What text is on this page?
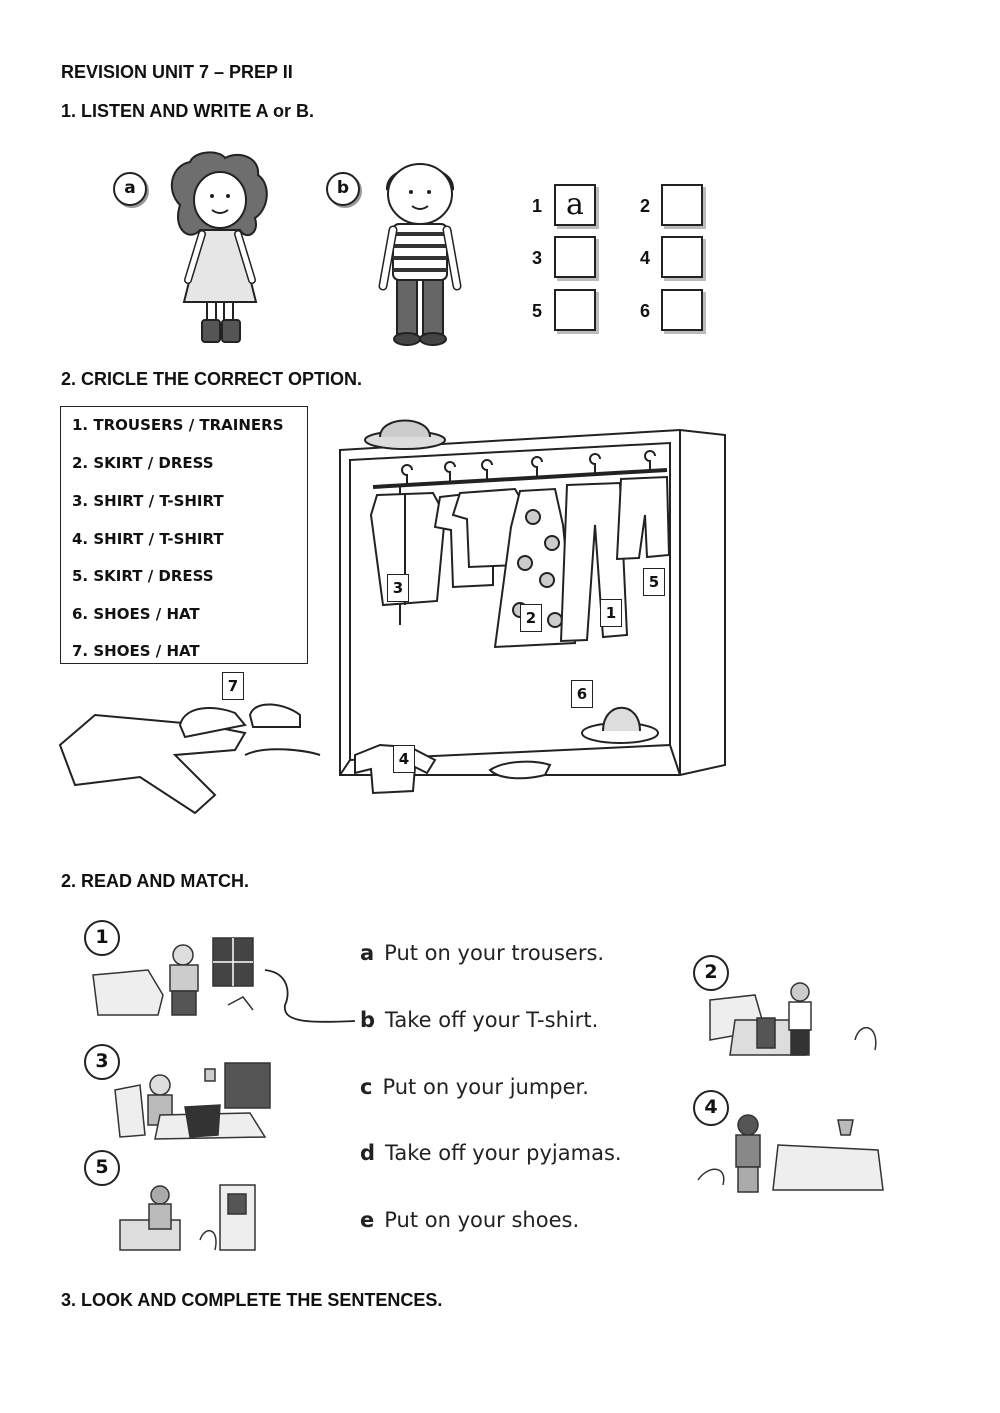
REVISION UNIT 7 – PREP II
1. LISTEN AND WRITE A or B.
a	b
1 a	2
3	4
5	6
2. CRICLE THE CORRECT OPTION.
1. TROUSERS / TRAINERS
2. SKIRT / DRESS
3. SHIRT / T-SHIRT
4. SHIRT / T-SHIRT
5. SKIRT / DRESS
6. SHOES / HAT
7. SHOES / HAT
1
2
3
4
5
6
7
2. READ AND MATCH.
1
3
5
a Put on your trousers.
b Take off your T-shirt.
c Put on your jumper.
d Take off your pyjamas.
e Put on your shoes.
2
4
3. LOOK AND COMPLETE THE SENTENCES.
